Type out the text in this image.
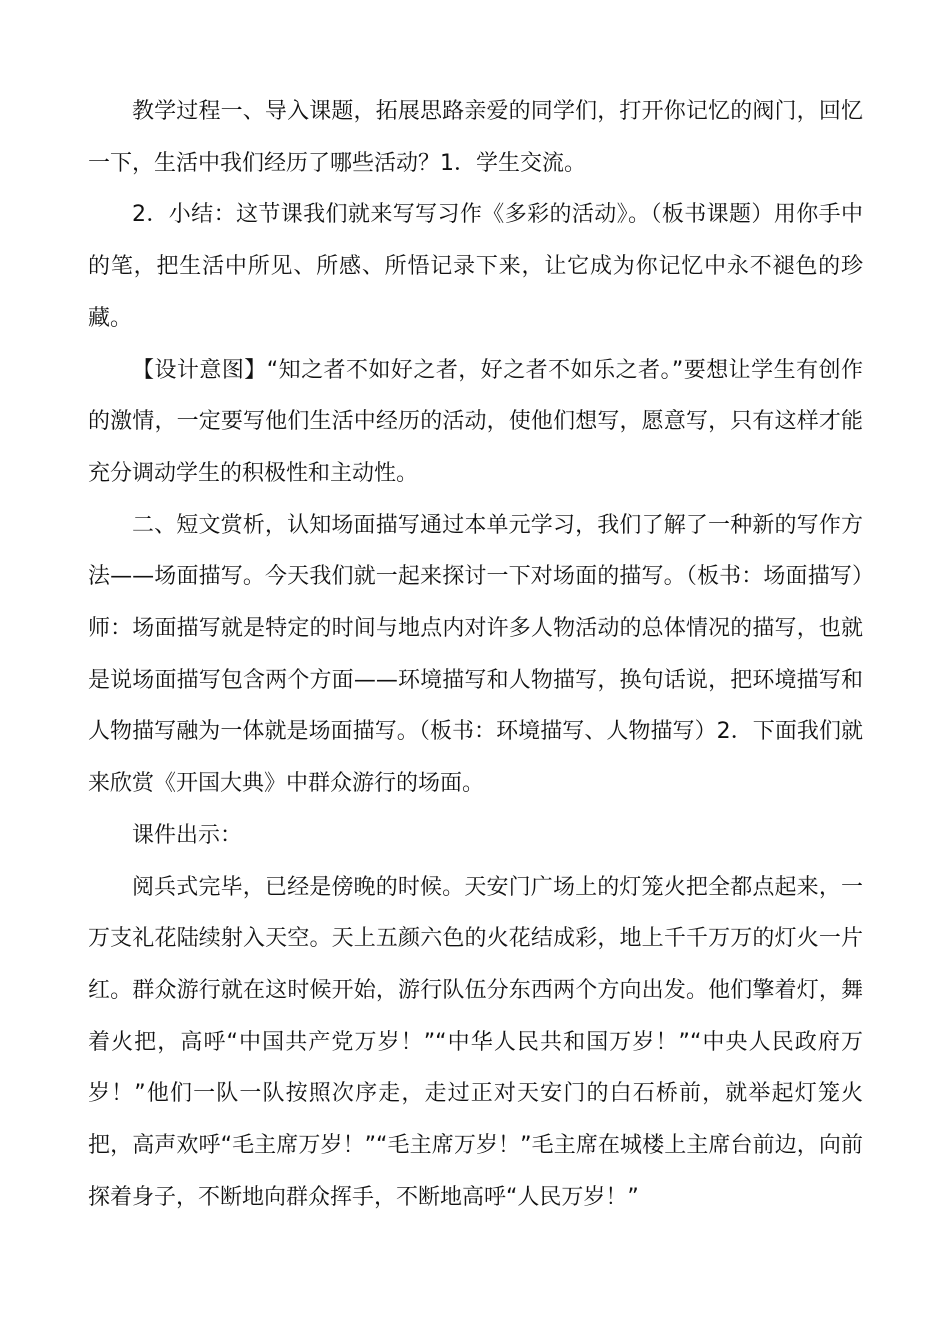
教学过程一、导入课题，拓展思路亲爱的同学们，打开你记忆的阀门，回忆一下，生活中我们经历了哪些活动？1．学生交流。

2．小结：这节课我们就来写写习作《多彩的活动》。（板书课题）用你手中的笔，把生活中所见、所感、所悟记录下来，让它成为你记忆中永不褪色的珍藏。

【设计意图】“知之者不如好之者，好之者不如乐之者。”要想让学生有创作的激情，一定要写他们生活中经历的活动，使他们想写，愿意写，只有这样才能充分调动学生的积极性和主动性。

二、短文赏析，认知场面描写通过本单元学习，我们了解了一种新的写作方法——场面描写。今天我们就一起来探讨一下对场面的描写。（板书：场面描写）师：场面描写就是特定的时间与地点内对许多人物活动的总体情况的描写，也就是说场面描写包含两个方面——环境描写和人物描写，换句话说，把环境描写和人物描写融为一体就是场面描写。（板书：环境描写、人物描写）2．下面我们就来欣赏《开国大典》中群众游行的场面。

课件出示：

阅兵式完毕，已经是傍晚的时候。天安门广场上的灯笼火把全都点起来，一万支礼花陆续射入天空。天上五颜六色的火花结成彩，地上千千万万的灯火一片红。群众游行就在这时候开始，游行队伍分东西两个方向出发。他们擎着灯，舞着火把，高呼“中国共产党万岁！”“中华人民共和国万岁！”“中央人民政府万岁！”他们一队一队按照次序走，走过正对天安门的白石桥前，就举起灯笼火把，高声欢呼“毛主席万岁！”“毛主席万岁！”毛主席在城楼上主席台前边，向前探着身子，不断地向群众挥手，不断地高呼“人民万岁！”
